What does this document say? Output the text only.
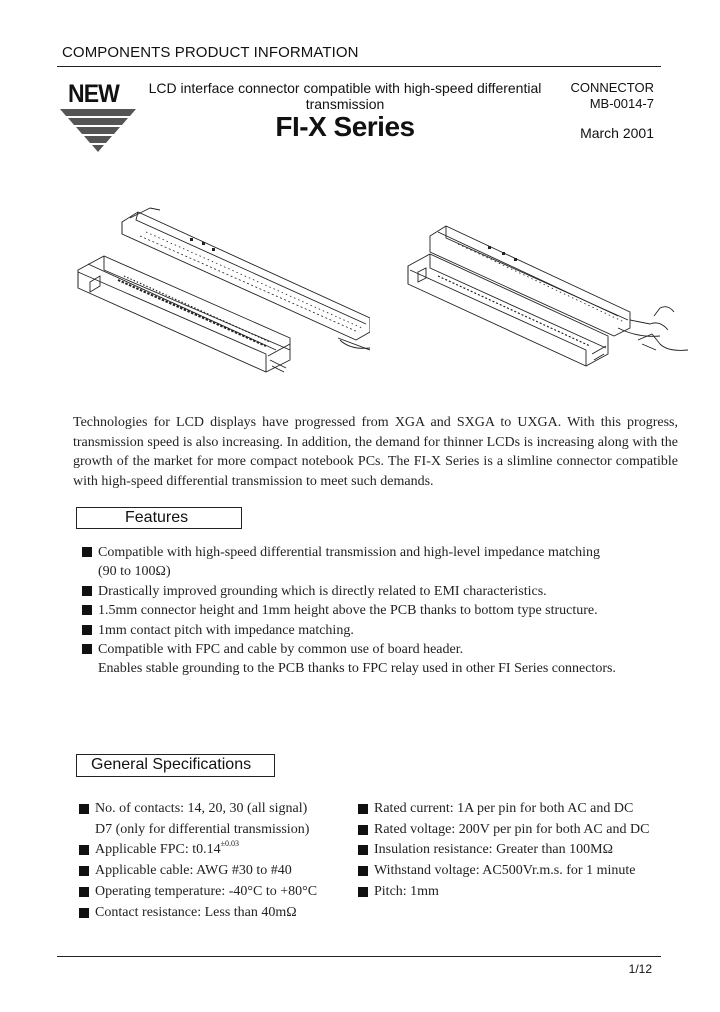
COMPONENTS PRODUCT INFORMATION
NEW	LCD interface connector compatible with high-speed differential
transmission
FI-X Series
CONNECTOR
MB-0014-7
March 2001
Technologies for LCD displays have progressed from XGA and SXGA to UXGA. With this progress, transmission speed is also increasing. In addition, the demand for thinner LCDs is increasing along with the growth of the market for more compact notebook PCs. The FI-X Series is a slimline connector compatible with high-speed differential transmission to meet such demands.
Features
Compatible with high-speed differential transmission and high-level impedance matching
(90 to 100Ω)
Drastically improved grounding which is directly related to EMI characteristics.
1.5mm connector height and 1mm height above the PCB thanks to bottom type structure.
1mm contact pitch with impedance matching.
Compatible with FPC and cable by common use of board header.
Enables stable grounding to the PCB thanks to FPC relay used in other FI Series connectors.
General Specifications
No. of contacts: 14, 20, 30 (all signal)
D7 (only for differential transmission)
Applicable FPC: $t0.14^{\pm 0.03}$
Applicable cable: AWG #30 to #40
Operating temperature: -40°C to +80°C
Contact resistance: Less than 40mΩ
Rated current: 1A per pin for both AC and DC
Rated voltage: 200V per pin for both AC and DC
Insulation resistance: Greater than 100MΩ
Withstand voltage: AC500Vr.m.s. for 1 minute
Pitch: 1mm
1/12
